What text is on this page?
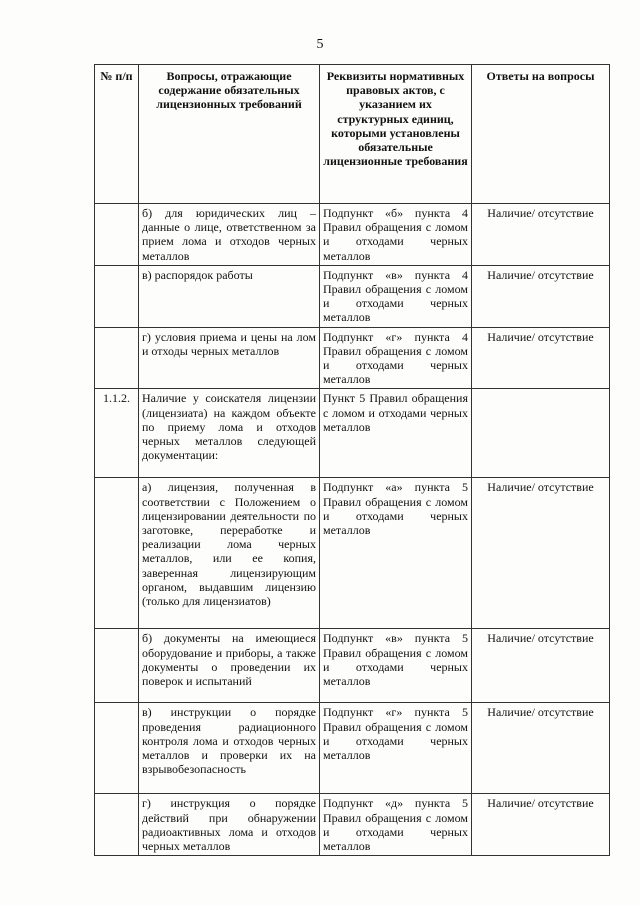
5
№ п/п	Вопросы, отражающие содержание обязательных лицензионных требований	Реквизиты нормативных правовых актов, с указанием их структурных единиц, которыми установлены обязательные лицензионные требования	Ответы на вопросы
	б) для юридических лиц – данные о лице, ответственном за прием лома и отходов черных металлов	Подпункт «б» пункта 4 Правил обращения с ломом и отходами черных металлов	Наличие/ отсутствие
	в) распорядок работы	Подпункт «в» пункта 4 Правил обращения с ломом и отходами черных металлов	Наличие/ отсутствие
	г) условия приема и цены на лом и отходы черных металлов	Подпункт «г» пункта 4 Правил обращения с ломом и отходами черных металлов	Наличие/ отсутствие
1.1.2.	Наличие у соискателя лицензии (лицензиата) на каждом объекте по приему лома и отходов черных металлов следующей документации:	Пункт 5 Правил обращения с ломом и отходами черных металлов	
	а) лицензия, полученная в соответствии с Положением о лицензировании деятельности по заготовке, переработке и реализации лома черных металлов, или ее копия, заверенная лицензирующим органом, выдавшим лицензию (только для лицензиатов)	Подпункт «а» пункта 5 Правил обращения с ломом и отходами черных металлов	Наличие/ отсутствие
	б) документы на имеющиеся оборудование и приборы, а также документы о проведении их поверок и испытаний	Подпункт «в» пункта 5 Правил обращения с ломом и отходами черных металлов	Наличие/ отсутствие
	в) инструкции о порядке проведения радиационного контроля лома и отходов черных металлов и проверки их на взрывобезопасность	Подпункт «г» пункта 5 Правил обращения с ломом и отходами черных металлов	Наличие/ отсутствие
	г) инструкция о порядке действий при обнаружении радиоактивных лома и отходов черных металлов	Подпункт «д» пункта 5 Правил обращения с ломом и отходами черных металлов	Наличие/ отсутствие
